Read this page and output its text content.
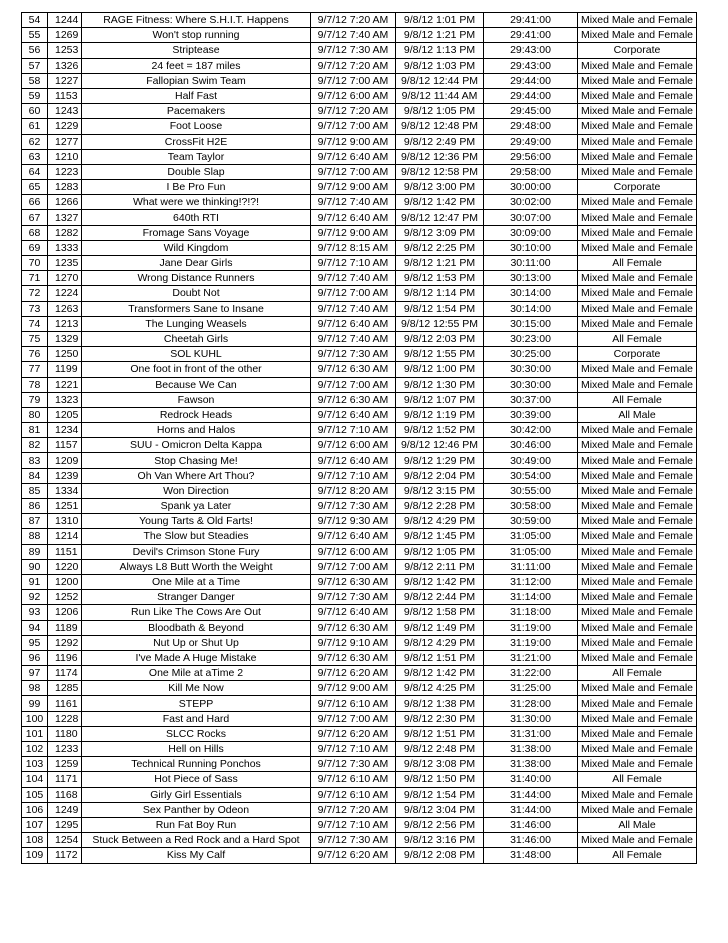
54	1244	RAGE Fitness: Where S.H.I.T. Happens	9/7/12 7:20 AM	9/8/12 1:01 PM	29:41:00	Mixed Male and Female
55	1269	Won't stop running	9/7/12 7:40 AM	9/8/12 1:21 PM	29:41:00	Mixed Male and Female
56	1253	Striptease	9/7/12 7:30 AM	9/8/12 1:13 PM	29:43:00	Corporate
57	1326	24 feet = 187 miles	9/7/12 7:20 AM	9/8/12 1:03 PM	29:43:00	Mixed Male and Female
58	1227	Fallopian Swim Team	9/7/12 7:00 AM	9/8/12 12:44 PM	29:44:00	Mixed Male and Female
59	1153	Half Fast	9/7/12 6:00 AM	9/8/12 11:44 AM	29:44:00	Mixed Male and Female
60	1243	Pacemakers	9/7/12 7:20 AM	9/8/12 1:05 PM	29:45:00	Mixed Male and Female
61	1229	Foot Loose	9/7/12 7:00 AM	9/8/12 12:48 PM	29:48:00	Mixed Male and Female
62	1277	CrossFit H2E	9/7/12 9:00 AM	9/8/12 2:49 PM	29:49:00	Mixed Male and Female
63	1210	Team Taylor	9/7/12 6:40 AM	9/8/12 12:36 PM	29:56:00	Mixed Male and Female
64	1223	Double Slap	9/7/12 7:00 AM	9/8/12 12:58 PM	29:58:00	Mixed Male and Female
65	1283	I Be Pro Fun	9/7/12 9:00 AM	9/8/12 3:00 PM	30:00:00	Corporate
66	1266	What were we thinking!?!?!	9/7/12 7:40 AM	9/8/12 1:42 PM	30:02:00	Mixed Male and Female
67	1327	640th RTI	9/7/12 6:40 AM	9/8/12 12:47 PM	30:07:00	Mixed Male and Female
68	1282	Fromage Sans Voyage	9/7/12 9:00 AM	9/8/12 3:09 PM	30:09:00	Mixed Male and Female
69	1333	Wild Kingdom	9/7/12 8:15 AM	9/8/12 2:25 PM	30:10:00	Mixed Male and Female
70	1235	Jane Dear Girls	9/7/12 7:10 AM	9/8/12 1:21 PM	30:11:00	All Female
71	1270	Wrong Distance Runners	9/7/12 7:40 AM	9/8/12 1:53 PM	30:13:00	Mixed Male and Female
72	1224	Doubt Not	9/7/12 7:00 AM	9/8/12 1:14 PM	30:14:00	Mixed Male and Female
73	1263	Transformers Sane to Insane	9/7/12 7:40 AM	9/8/12 1:54 PM	30:14:00	Mixed Male and Female
74	1213	The Lunging Weasels	9/7/12 6:40 AM	9/8/12 12:55 PM	30:15:00	Mixed Male and Female
75	1329	Cheetah Girls	9/7/12 7:40 AM	9/8/12 2:03 PM	30:23:00	All Female
76	1250	SOL KUHL	9/7/12 7:30 AM	9/8/12 1:55 PM	30:25:00	Corporate
77	1199	One foot in front of the other	9/7/12 6:30 AM	9/8/12 1:00 PM	30:30:00	Mixed Male and Female
78	1221	Because We Can	9/7/12 7:00 AM	9/8/12 1:30 PM	30:30:00	Mixed Male and Female
79	1323	Fawson	9/7/12 6:30 AM	9/8/12 1:07 PM	30:37:00	All Female
80	1205	Redrock Heads	9/7/12 6:40 AM	9/8/12 1:19 PM	30:39:00	All Male
81	1234	Horns and Halos	9/7/12 7:10 AM	9/8/12 1:52 PM	30:42:00	Mixed Male and Female
82	1157	SUU - Omicron Delta Kappa	9/7/12 6:00 AM	9/8/12 12:46 PM	30:46:00	Mixed Male and Female
83	1209	Stop Chasing Me!	9/7/12 6:40 AM	9/8/12 1:29 PM	30:49:00	Mixed Male and Female
84	1239	Oh Van Where Art Thou?	9/7/12 7:10 AM	9/8/12 2:04 PM	30:54:00	Mixed Male and Female
85	1334	Won Direction	9/7/12 8:20 AM	9/8/12 3:15 PM	30:55:00	Mixed Male and Female
86	1251	Spank ya Later	9/7/12 7:30 AM	9/8/12 2:28 PM	30:58:00	Mixed Male and Female
87	1310	Young Tarts & Old Farts!	9/7/12 9:30 AM	9/8/12 4:29 PM	30:59:00	Mixed Male and Female
88	1214	The Slow but Steadies	9/7/12 6:40 AM	9/8/12 1:45 PM	31:05:00	Mixed Male and Female
89	1151	Devil's Crimson Stone Fury	9/7/12 6:00 AM	9/8/12 1:05 PM	31:05:00	Mixed Male and Female
90	1220	Always L8 Butt Worth the Weight	9/7/12 7:00 AM	9/8/12 2:11 PM	31:11:00	Mixed Male and Female
91	1200	One Mile at a Time	9/7/12 6:30 AM	9/8/12 1:42 PM	31:12:00	Mixed Male and Female
92	1252	Stranger Danger	9/7/12 7:30 AM	9/8/12 2:44 PM	31:14:00	Mixed Male and Female
93	1206	Run Like The Cows Are Out	9/7/12 6:40 AM	9/8/12 1:58 PM	31:18:00	Mixed Male and Female
94	1189	Bloodbath & Beyond	9/7/12 6:30 AM	9/8/12 1:49 PM	31:19:00	Mixed Male and Female
95	1292	Nut Up or Shut Up	9/7/12 9:10 AM	9/8/12 4:29 PM	31:19:00	Mixed Male and Female
96	1196	I've Made A Huge Mistake	9/7/12 6:30 AM	9/8/12 1:51 PM	31:21:00	Mixed Male and Female
97	1174	One Mile at aTime 2	9/7/12 6:20 AM	9/8/12 1:42 PM	31:22:00	All Female
98	1285	Kill Me Now	9/7/12 9:00 AM	9/8/12 4:25 PM	31:25:00	Mixed Male and Female
99	1161	STEPP	9/7/12 6:10 AM	9/8/12 1:38 PM	31:28:00	Mixed Male and Female
100	1228	Fast and Hard	9/7/12 7:00 AM	9/8/12 2:30 PM	31:30:00	Mixed Male and Female
101	1180	SLCC Rocks	9/7/12 6:20 AM	9/8/12 1:51 PM	31:31:00	Mixed Male and Female
102	1233	Hell on Hills	9/7/12 7:10 AM	9/8/12 2:48 PM	31:38:00	Mixed Male and Female
103	1259	Technical Running Ponchos	9/7/12 7:30 AM	9/8/12 3:08 PM	31:38:00	Mixed Male and Female
104	1171	Hot Piece of Sass	9/7/12 6:10 AM	9/8/12 1:50 PM	31:40:00	All Female
105	1168	Girly Girl Essentials	9/7/12 6:10 AM	9/8/12 1:54 PM	31:44:00	Mixed Male and Female
106	1249	Sex Panther by Odeon	9/7/12 7:20 AM	9/8/12 3:04 PM	31:44:00	Mixed Male and Female
107	1295	Run Fat Boy Run	9/7/12 7:10 AM	9/8/12 2:56 PM	31:46:00	All Male
108	1254	Stuck Between a Red Rock and a Hard Spot	9/7/12 7:30 AM	9/8/12 3:16 PM	31:46:00	Mixed Male and Female
109	1172	Kiss My Calf	9/7/12 6:20 AM	9/8/12 2:08 PM	31:48:00	All Female
